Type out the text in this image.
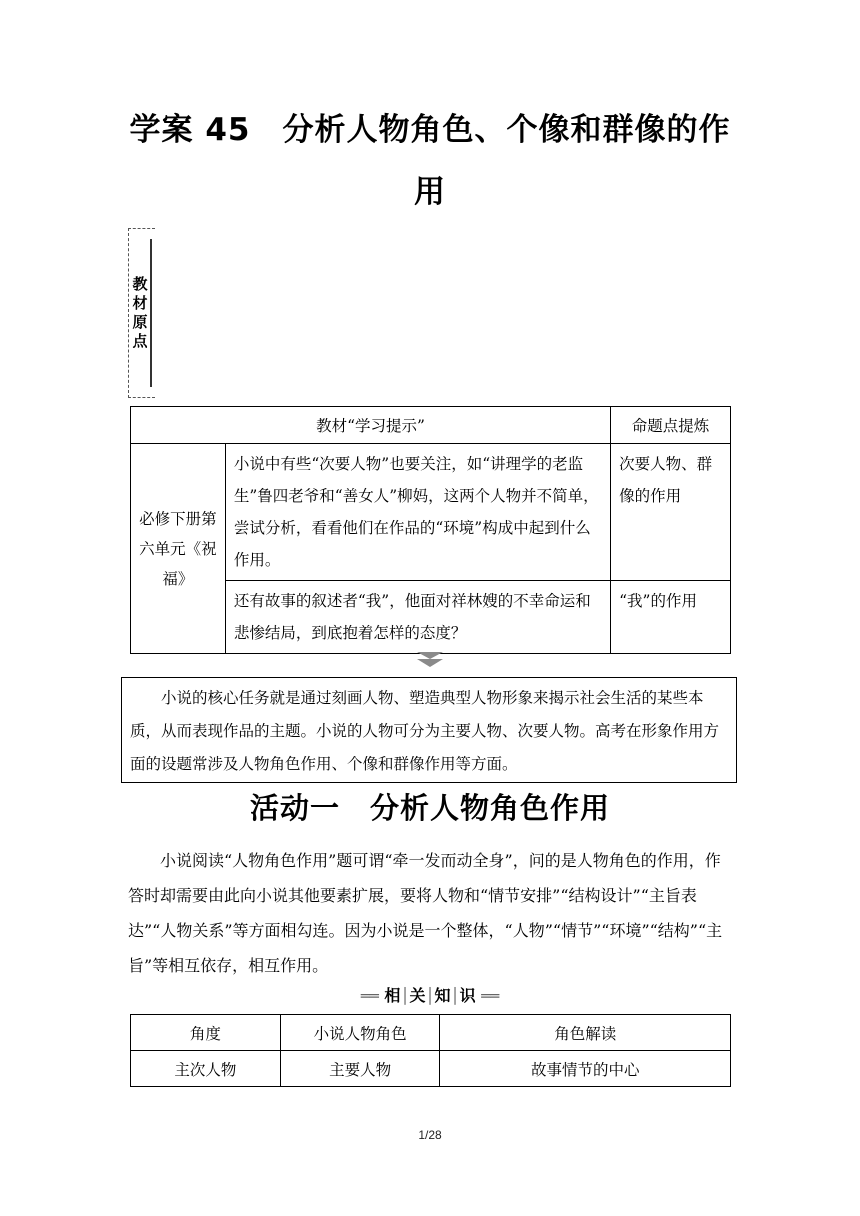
学案 45　分析人物角色、个像和群像的作
用
教材原点
教材“学习提示”		命题点提炼
必修下册第六单元《祝福》	小说中有些“次要人物”也要关注，如“讲理学的老监生”鲁四老爷和“善女人”柳妈，这两个人物并不简单，尝试分析，看看他们在作品的“环境”构成中起到什么作用。	次要人物、群像的作用
	还有故事的叙述者“我”，他面对祥林嫂的不幸命运和悲惨结局，到底抱着怎样的态度？	“我”的作用
小说的核心任务就是通过刻画人物、塑造典型人物形象来揭示社会生活的某些本质，从而表现作品的主题。小说的人物可分为主要人物、次要人物。高考在形象作用方面的设题常涉及人物角色作用、个像和群像作用等方面。
活动一　分析人物角色作用
小说阅读“人物角色作用”题可谓“牵一发而动全身”，问的是人物角色的作用，作答时却需要由此向小说其他要素扩展，要将人物和“情节安排”“结构设计”“主旨表达”“人物关系”等方面相勾连。因为小说是一个整体，“人物”“情节”“环境”“结构”“主旨”等相互依存，相互作用。
══ 相│关│知│识 ══
角度	小说人物角色	角色解读
主次人物	主要人物	故事情节的中心
1/28
